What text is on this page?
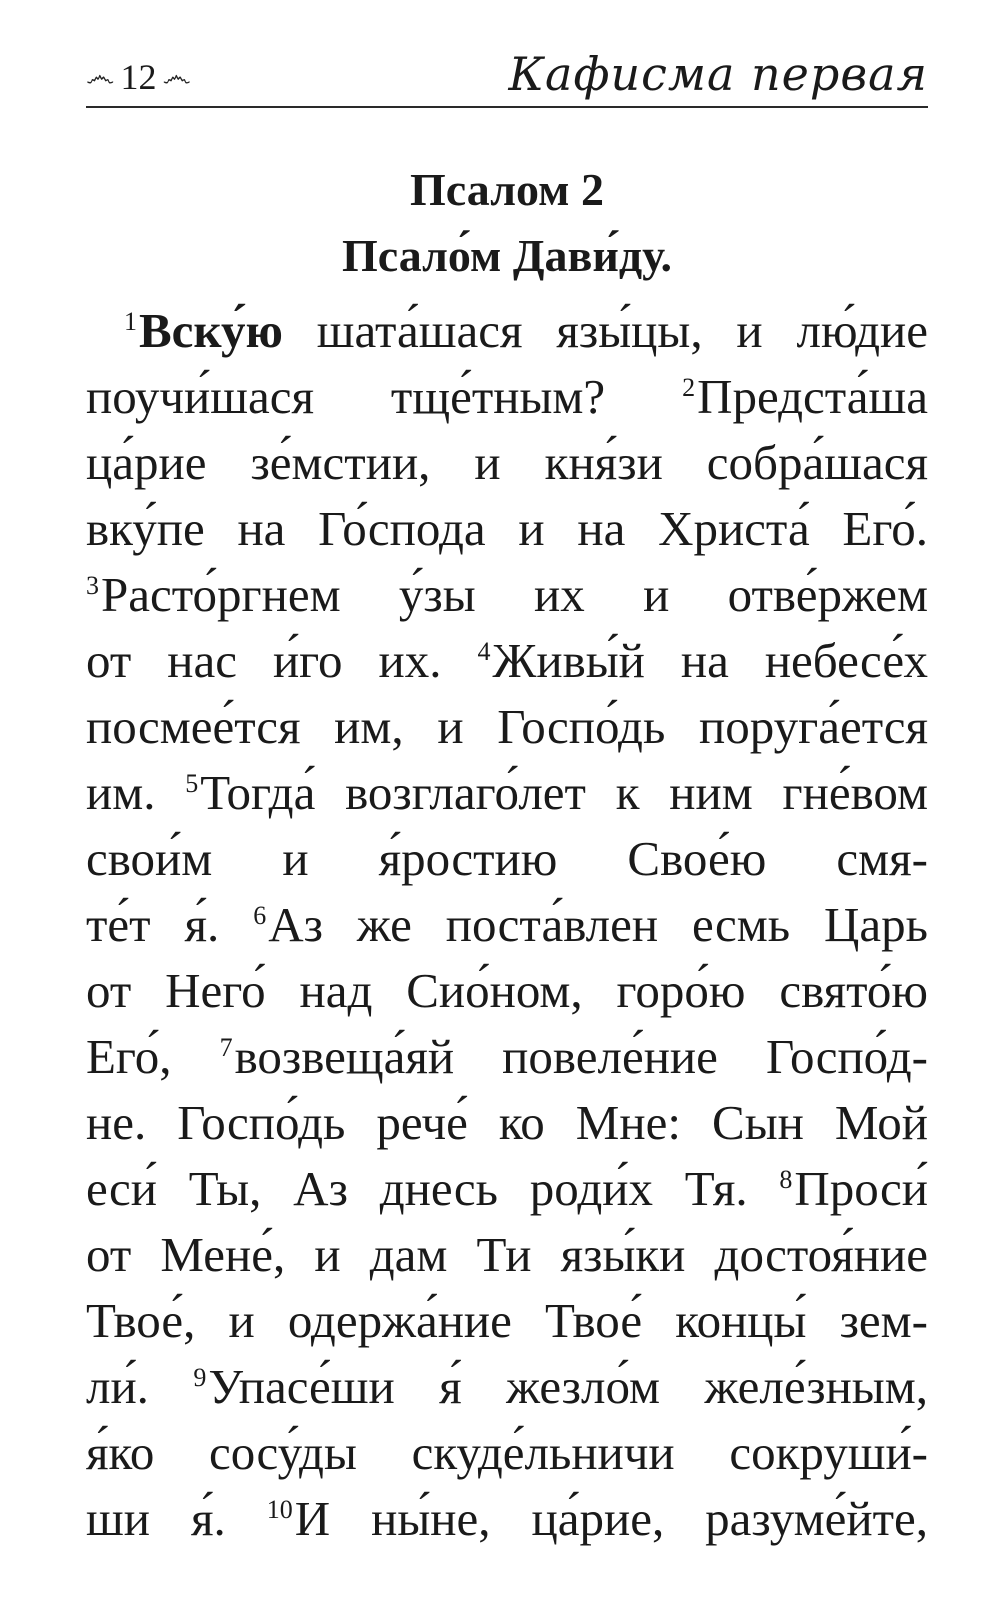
෴ 12 ෴	Кафисма первая
Псалом 2
Псало́м Дави́ду.
$^1$Вску́ю шата́шася язы́цы, и лю́дие
поучи́шася тще́тным? $^2$Предста́ша
ца́рие зе́мстии, и кня́зи собра́шася
вку́пе на Го́спода и на Христа́ Его́.
$^3$Расто́ргнем у́зы их и отве́ржем
от нас и́го их. $^4$Живы́й на небесе́х
посмее́тся им, и Госпо́дь поруга́ется
им. $^5$Тогда́ возглаго́лет к ним гне́вом
свои́м и я́ростию Свое́ю смя-
те́т я́. $^6$Аз же поста́влен есмь Царь
от Него́ над Сио́ном, горо́ю свято́ю
Его́, $^7$возвеща́яй повеле́ние Госпо́д-
не. Госпо́дь рече́ ко Мне: Сын Мой
еси́ Ты, Аз днесь роди́х Тя. $^8$Проси́
от Мене́, и дам Ти язы́ки достоя́ние
Твое́, и одержа́ние Твое́ концы́ зем-
ли́. $^9$Упасе́ши я́ жезло́м желе́зным,
я́ко сосу́ды скуде́льничи сокруши́-
ши я́. $^{10}$И ны́не, ца́рие, разуме́йте,
